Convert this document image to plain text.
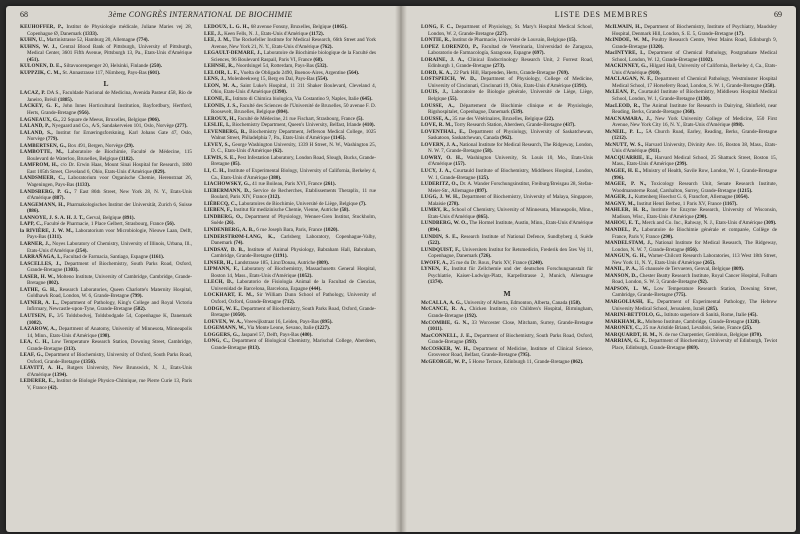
68	3ème CONGRÈS INTERNATIONAL DE BIOCHIMIE
KEUHOFFER, P., Institut de Physiologie médicale, Juliane Maries vej 28, Copenhague Ø, Danemark (1333).
KUHN, U., Martinistrasse 52, Hamburg 20, Allemagne (774).
KUHNS, W. J., Central Blood Bank of Pittsburgh, University of Pittsburgh, Medical Center, 3601 Fifth Avenue, Pittsburgh 13, Pa., Etats-Unis d'Amérique (451).
KULONEN, D. E., Siltavuorenpenger 20, Helsinki, Finlande (250).
KUPPZIK, C. M., St. Annastrasse 117, Nürnberg, Pays-Bas (601).
L
LACAZ, P. DA S., Faculdade Nacional de Medicina, Avenida Pasteur 458, Rio de Janeiro, Brésil (1885).
LACKEY, G. F., John Innes Horticultural Institution, Bayfordbury, Hertford, Herts, Grande-Bretagne (956).
LAGNEAUX, G., 22 Square de Meeus, Bruxelles, Belgique (906).
LALAND, P., Nyegaard and Co., A/S, Sandakerveien 101, Oslo, Norvège (277).
LALAND, S., Institut for Ernæringsforskning, Karl Johans Gate 47, Oslo, Norvège (779).
LAMBERTSEN, G., Box 491, Bergen, Norvège (29).
LAMBOTTE, M., Laboratoire de Biochimie, Faculté de Médecine, 115 Boulevard de Waterloo, Bruxelles, Belgique (1182).
LAMFROM, H., c/o Dr. Erwin Haas, Mount Sinai Hospital for Research, 1800 East 105th Street, Cleveland 6, Ohio, Etats-Unis d'Amérique (829).
LANDSMEER, C., Laboratorium voor Organische Chemie, Herenstraat 26, Wageningen, Pays-Bas (1133).
LANDSBERG, P. G., 7 East 86th Street, New York 28, N. Y., Etats-Unis d'Amérique (887).
LANGEMANN, H., Pharmakologisches Institut der Universität, Zurich 6, Suisse (886).
LANNOYE, J. S. A. H. J. T., Gerval, Belgique (891).
LAPP, C., Faculté de Pharmacie, 1 Place Gelbert, Strasbourg, France (56).
la RIVIÈRE, J. W. M., Laboratorium voor Microbiologie, Nieuwe Laan, Delft, Pays-Bas (1311).
LARNER, J., Noyes Laboratory of Chemistry, University of Illinois, Urbana, Ill., Etats-Unis d'Amérique (254).
LARRAÑAGA, I., Facultad de Farmacia, Santiago, Espagne (1161).
LASCELLES, J., Department of Biochemistry, South Parks Road, Oxford, Grande-Bretagne (1303).
LASER, H. W., Molteno Institute, University of Cambridge, Cambridge, Grande-Bretagne (802).
LATHE, G. H., Research Laboratories, Queen Charlotte's Maternity Hospital, Goldhawk Road, London, W. 6, Grande-Bretagne (799).
LATNER, A. L., Department of Pathology, King's College and Royal Victoria Infirmary, Newcastle-upon-Tyne, Grande-Bretagne (582).
LAUTSEN, F., 3/5 Toldsbodvej, Toldsbodgade 54, Copenhague K, Danemark (1082).
LAZAROW, A., Department of Anatomy, University of Minnesota, Minneapolis 14, Minn., Etats-Unis d'Amérique (198).
LEA, C. H., Low Temperature Research Station, Downing Street, Cambridge, Grande-Bretagne (313).
LEAF, G., Department of Biochemistry, University of Oxford, South Parks Road, Oxford, Grande-Bretagne (1356).
LEAVITT, A. H., Rutgers University, New Brunswick, N. J., Etats-Unis d'Amérique (1394).
LEDERER, E., Institut de Biologie Physico-Chimique, rue Pierre Curie 13, Paris V, France (42).
LEDOUX, L. G. H., 68 avenue Fonsny, Bruxelles, Belgique (1065).
LEE, J., Keen Fells, N. J., Etats-Unis d'Amérique (1172).
LEE, J. M., The Rockefeller Institute for Medical Research, 66th Street and York Avenue, New York 21, N. Y., Etats-Unis d'Amérique (762).
LEGAULT-DEMARE, J., Laboratoire de Biochimie biologique de la Faculté des Sciences, 96 Boulevard Raspail, Paris VI, France (68).
LEHNSE, R., Noordsingel 54, Rotterdam, Pays-Bas (532).
LELOIR, L. F., Vuelta de Obligado 2490, Buenos-Aires, Argentine (564).
LENS, J., Molenbeekweg 15, Berg en Dal, Pays-Bas (554).
LEON, M. A., Saint Luke's Hospital, 11 311 Shaker Boulevard, Cleveland 4, Ohio, Etats-Unis d'Amérique (1390).
LEONE, E., Istituto di Chimica biologica, Via Costantino 9, Naples, Italie (645).
LEONIS, J. S., Faculté des Sciences de l'Université de Bruxelles, 50 avenue F. D. Roosevelt, Bruxelles, Belgique (804).
LEROUX, H., Faculté de Médecine, 21 rue Fischart, Strasbourg, France (5).
LESLIE, I., Biochemistry Department, Queen's University, Belfast, Irlande (410).
LEVENBERG, B., Biochemistry Department, Jefferson Medical College, 1025 Walnut Street, Philadelphia 7, Pa., Etats-Unis d'Amérique (1145).
LEVEY, S., George Washington University, 1339 H Street, N. W., Washington 25, D. C., Etats-Unis d'Amérique (62).
LEWIS, S. E., Pest Infestation Laboratory, London Road, Slough, Bucks, Grande-Bretagne (85).
LI, C. H., Institute of Experimental Biology, University of California, Berkeley 4, Ca., Etats-Unis d'Amérique (380).
LIACHOWSKY, G., 41 rue Boileau, Paris XVI, France (261).
LIEBERMANN, D., Service de Recherches, Etablissements Theraplix, 11 rue Boulard, Paris XIV, France (312).
LIÉBECQ, C., Laboratoires de Biochimie, Université de Liège, Belgique (7).
LIEBEN, F., Institut für medizinische Chemie, Vienne, Autriche (58).
LINDBERG, O., Department of Physiology, Wenner-Gren Institut, Stockholm, Suède (26).
LINDENBERG, A. B., 6 rue Joseph Bara, Paris, France (1020).
LINDERSTRØM-LANG, K., Carlsberg Laboratory, Copenhague-Valby, Danemark (74).
LINDSAY, D. B., Institute of Animal Physiology, Babraham Hall, Babraham, Cambridge, Grande-Bretagne (1191).
LINSER, H., Landstrasse 185, Linz/Donau, Autriche (809).
LIPMANN, F., Laboratory of Biochemistry, Massachusetts General Hospital, Boston 14, Mass., Etats-Unis d'Amérique (1052).
LLECH, D., Laboratorio de Fisiología Animal de la Facultad de Ciencias, Universidad de Barcelona, Barcelona, Espagne (444).
LOCKHART, E. M., Sir William Dunn School of Pathology, University of Oxford, Oxford, Grande-Bretagne (712).
LODGE, W. E., Department of Biochemistry, South Parks Road, Oxford, Grande-Bretagne (1050).
LOEVEN, W. A., Vreewijkstraat 16, Leiden, Pays-Bas (895).
LOGEMANN, W., Via Monte Leone, Sevano, Italie (1227).
LOGGERS, G., Jasparel 57, Delft, Pays-Bas (480).
LONG, C., Department of Biological Chemistry, Marischal College, Aberdeen, Grande-Bretagne (813).
LISTE DES MEMBRES	69
LONG, F. C., Department of Physiology, St. Mary's Hospital Medical School, London, W. 2, Grande-Bretagne (227).
LONTIE, R., Institut de Pharmacie, Université de Louvain, Belgique (15).
LOPEZ LORENZO, P., Facultad de Veterinaria, Universidad de Zaragoza, Laboratorio de Farmacología, Saragosse, Espagne (697).
LORAINE, J. A., Clinical Endocrinology Research Unit, 2 Forrest Road, Edinburgh 1, Grande-Bretagne (273).
LORD, K. A., 22 Park Hill, Harpenden, Herts, Grande-Bretagne (769).
LOSTSPEICH, W. D., Department of Physiology, College of Medicine, University of Cincinnati, Cincinnati 19, Ohio, Etats-Unis d'Amérique (1391).
LOUIS, J., Laboratoire de Biologie générale, Université de Liège, Liège, Belgique (55).
LOUSSE, A., Département de Biochimie clinique et de Physiologie, Rigshospitalet, Copenhague, Danemark (539).
LOUSSE, A., 35 rue des Vétérinaires, Bruxelles, Belgique (22).
LOVE, R. M., Torry Research Station, Aberdeen, Grande-Bretagne (437).
LOVENTHAL, E., Department of Physiology, University of Saskatchewan, Saskatoon, Saskatchewan, Canada (962).
LOVERN, J. A., National Institute for Medical Research, The Ridgeway, London, N. W. 7, Grande-Bretagne (58).
LOWRY, O. H., Washington University, St. Louis 10, Mo., Etats-Unis d'Amérique (157).
LUCY, J. A., Courtauld Institute of Biochemistry, Middlesex Hospital, London, W. 1, Grande-Bretagne (125).
LUDERITZ, O., Dr. A. Wander Forschungsinstitut, Freiburg/Breisgau 28, Stefan-Meier-Str., Allemagne (897).
LUGG, J. W. H., Department of Biochemistry, University of Malaya, Singapore, Malaisie (278).
LUMRY, R., School of Chemistry, University of Minnesota, Minneapolis, Minn., Etats-Unis d'Amérique (865).
LUNDBERG, W. O., The Hormel Institute, Austin, Minn., Etats-Unis d'Amérique (894).
LUNDIN, S. E., Research Institute of National Defence, Sundbyberg 4, Suède (522).
LUNDQUIST, F., Universitets Institut for Retsmedicin, Frederik den 5tes Vej 11, Copenhague, Danemark (726).
LWOFF, A., 25 rue du Dr. Roux, Paris XV, France (1240).
LYNEN, F., Institut für Zellchemie und der deutschen Forschungsanstalt für Psychiatrie, Kaiser-Ludwigs-Platz, Karpellstrasse 2, Munich, Allemagne (1374).
M
McCALLA, A. G., University of Alberta, Edmonton, Alberta, Canada (158).
McCANCE, R. A., Chicken Institute, c/o Children's Hospital, Birmingham, Grande-Bretagne (192).
McCOMBIE, G. N., 33 Worcester Close, Mitcham, Surrey, Grande-Bretagne (1011).
MacCONNELL, J. E., Department of Biochemistry, South Parks Road, Oxford, Grande-Bretagne (393).
McCOSKER, W. H., Department of Medicine, Institute of Clinical Science, Grosvenor Road, Belfast, Grande-Bretagne (795).
McGEORGE, W. P., 5 Horse Terrace, Edinburgh 11, Grande-Bretagne (862).
McILWAIN, H., Department of Biochemistry, Institute of Psychiatry, Maudsley Hospital, Denmark Hill, London, S. E. 5, Grande-Bretagne (17).
McINDOE, W. M., Poultry Research Centre, West Mains Road, Edinburgh 9, Grande-Bretagne (1320).
MacINTYRE, I., Department of Chemical Pathology, Postgraduate Medical School, London, W. 12, Grande-Bretagne (1102).
MACKINNEY, G., Hilgard Hall, University of California, Berkeley 4, Ca., Etats-Unis d'Amérique (910).
MACLAGAN, N. F., Department of Chemical Pathology, Westminster Hospital Medical School, 17 Horseferry Road, London, S. W. 1, Grande-Bretagne (358).
McLEAN, P., Courtauld Institute of Biochemistry, Middlesex Hospital Medical School, London, W. 1, Grande-Bretagne (1130).
MacLEOD, R., The Animal Institute for Research in Dairying, Shinfield, near Reading, Berks, Grande-Bretagne (368).
MACNAMARA, J., New York University College of Medicine, 550 First Avenue, New York City 16, N. Y., Etats-Unis d'Amérique (898).
McNEIL, P. L., 5A Church Road, Earley, Reading, Berks, Grande-Bretagne (1212).
McNUTT, W. S., Harvard University, Divinity Ave. 16, Boston 38, Mass., Etats-Unis d'Amérique (911).
MACQUARRIE, E., Harvard Medical School, 25 Shattuck Street, Boston 15, Mass., Etats-Unis d'Amérique (299).
MAGEE, H. E., Ministry of Health, Savile Row, London, W. 1, Grande-Bretagne (996).
MAGEE, P. N., Toxicology Research Unit, Senate Research Institute, Woodmansterne Road, Carshalton, Surrey, Grande-Bretagne (1215).
MAGER, J., Kuttenberg Hoechst G. 6, Francfort, Allemagne (1054).
MAGNY, M., Institut Henri Berbez, 1 Paris XV, France (1167).
MAHLER, H. R., Institute for Enzyme Research, University of Wisconsin, Madison, Wisc., Etats-Unis d'Amérique (290).
MAHOU, E. T., Merck and Co. Inc., Rahway, N. J., Etats-Unis d'Amérique (309).
MANDEL, P., Laboratoire de Biochimie générale et comparée, Collège de France, Paris V, France (290).
MANDELSTAM, J., National Institute for Medical Research, The Ridgeway, London, N. W. 7, Grande-Bretagne (856).
MANGUN, G. H., Warner-Chilcott Research Laboratories, 113 West 18th Street, New York 11, N. Y., Etats-Unis d'Amérique (265).
MANIL, P. A., 35 chaussée de Tervueren, Genval, Belgique (809).
MANSON, D., Chester Beatty Research Institute, Royal Cancer Hospital, Fulham Road, London, S. W. 3, Grande-Bretagne (92).
MAPSON, L. W., Low Temperature Research Station, Downing Street, Cambridge, Grande-Bretagne (775).
MARGOLIASH, E., Department of Experimental Pathology, The Hebrew University Medical School, Jerusalem, Israël (285).
MARINI-BETTOLO, G., Istituto superiore di Sanità, Rome, Italie (45).
MARKHAM, R., Molteno Institute, Cambridge, Grande-Bretagne (1328).
MARONEY, C., 25 rue Aristide Briand, Levallois, Seine, France (25).
MARQUARDT, H. M., N. de rue Charpentier, Gembloux, Belgique (870).
MARRIAN, G. F., Department of Biochemistry, University of Edinburgh, Teviot Place, Edinburgh, Grande-Bretagne (869).
